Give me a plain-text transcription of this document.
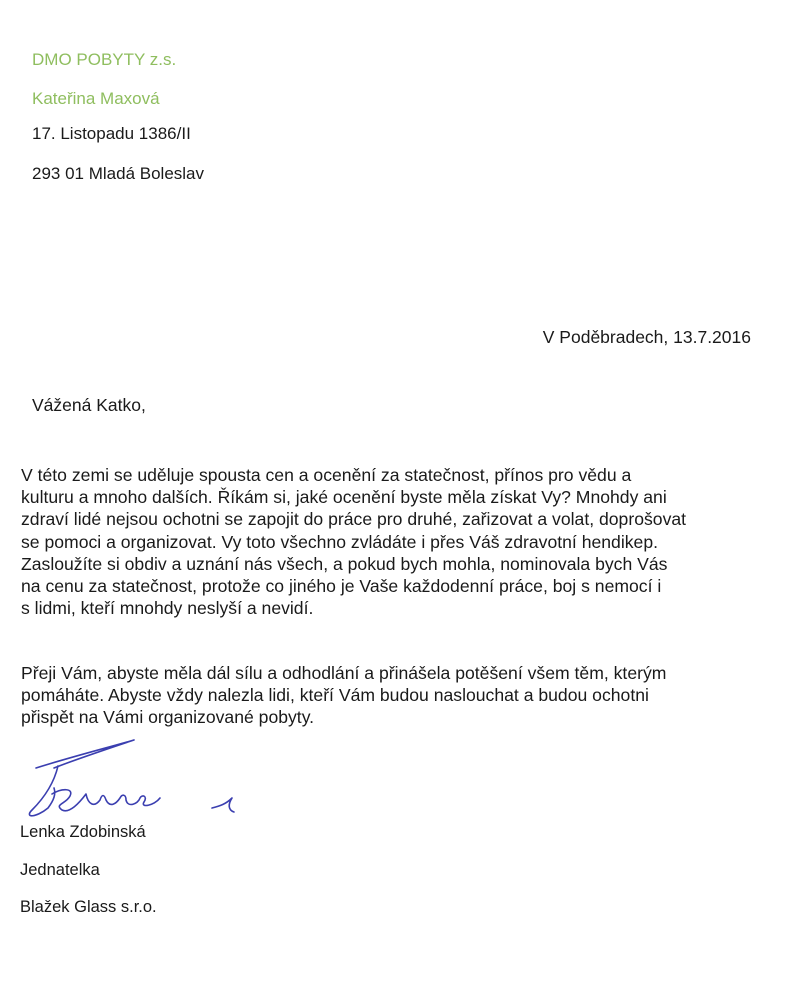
DMO POBYTY z.s.
Kateřina Maxová
17. Listopadu 1386/II
293 01 Mladá Boleslav
V Poděbradech, 13.7.2016
Vážená Katko,
V této zemi se uděluje spousta cen a ocenění za statečnost, přínos pro vědu a
kulturu a mnoho dalších. Říkám si, jaké ocenění byste měla získat Vy? Mnohdy ani
zdraví lidé nejsou ochotni se zapojit do práce pro druhé, zařizovat a volat, doprošovat
se pomoci a organizovat. Vy toto všechno zvládáte i přes Váš zdravotní hendikep.
Zasloužíte si obdiv a uznání nás všech, a pokud bych mohla, nominovala bych Vás
na cenu za statečnost, protože co jiného je Vaše každodenní práce, boj s nemocí i
s lidmi, kteří mnohdy neslyší a nevidí.
Přeji Vám, abyste měla dál sílu a odhodlání a přinášela potěšení všem těm, kterým
pomáháte. Abyste vždy nalezla lidi, kteří Vám budou naslouchat a budou ochotni
přispět na Vámi organizované pobyty.
Lenka Zdobinská
Jednatelka
Blažek Glass s.r.o.
